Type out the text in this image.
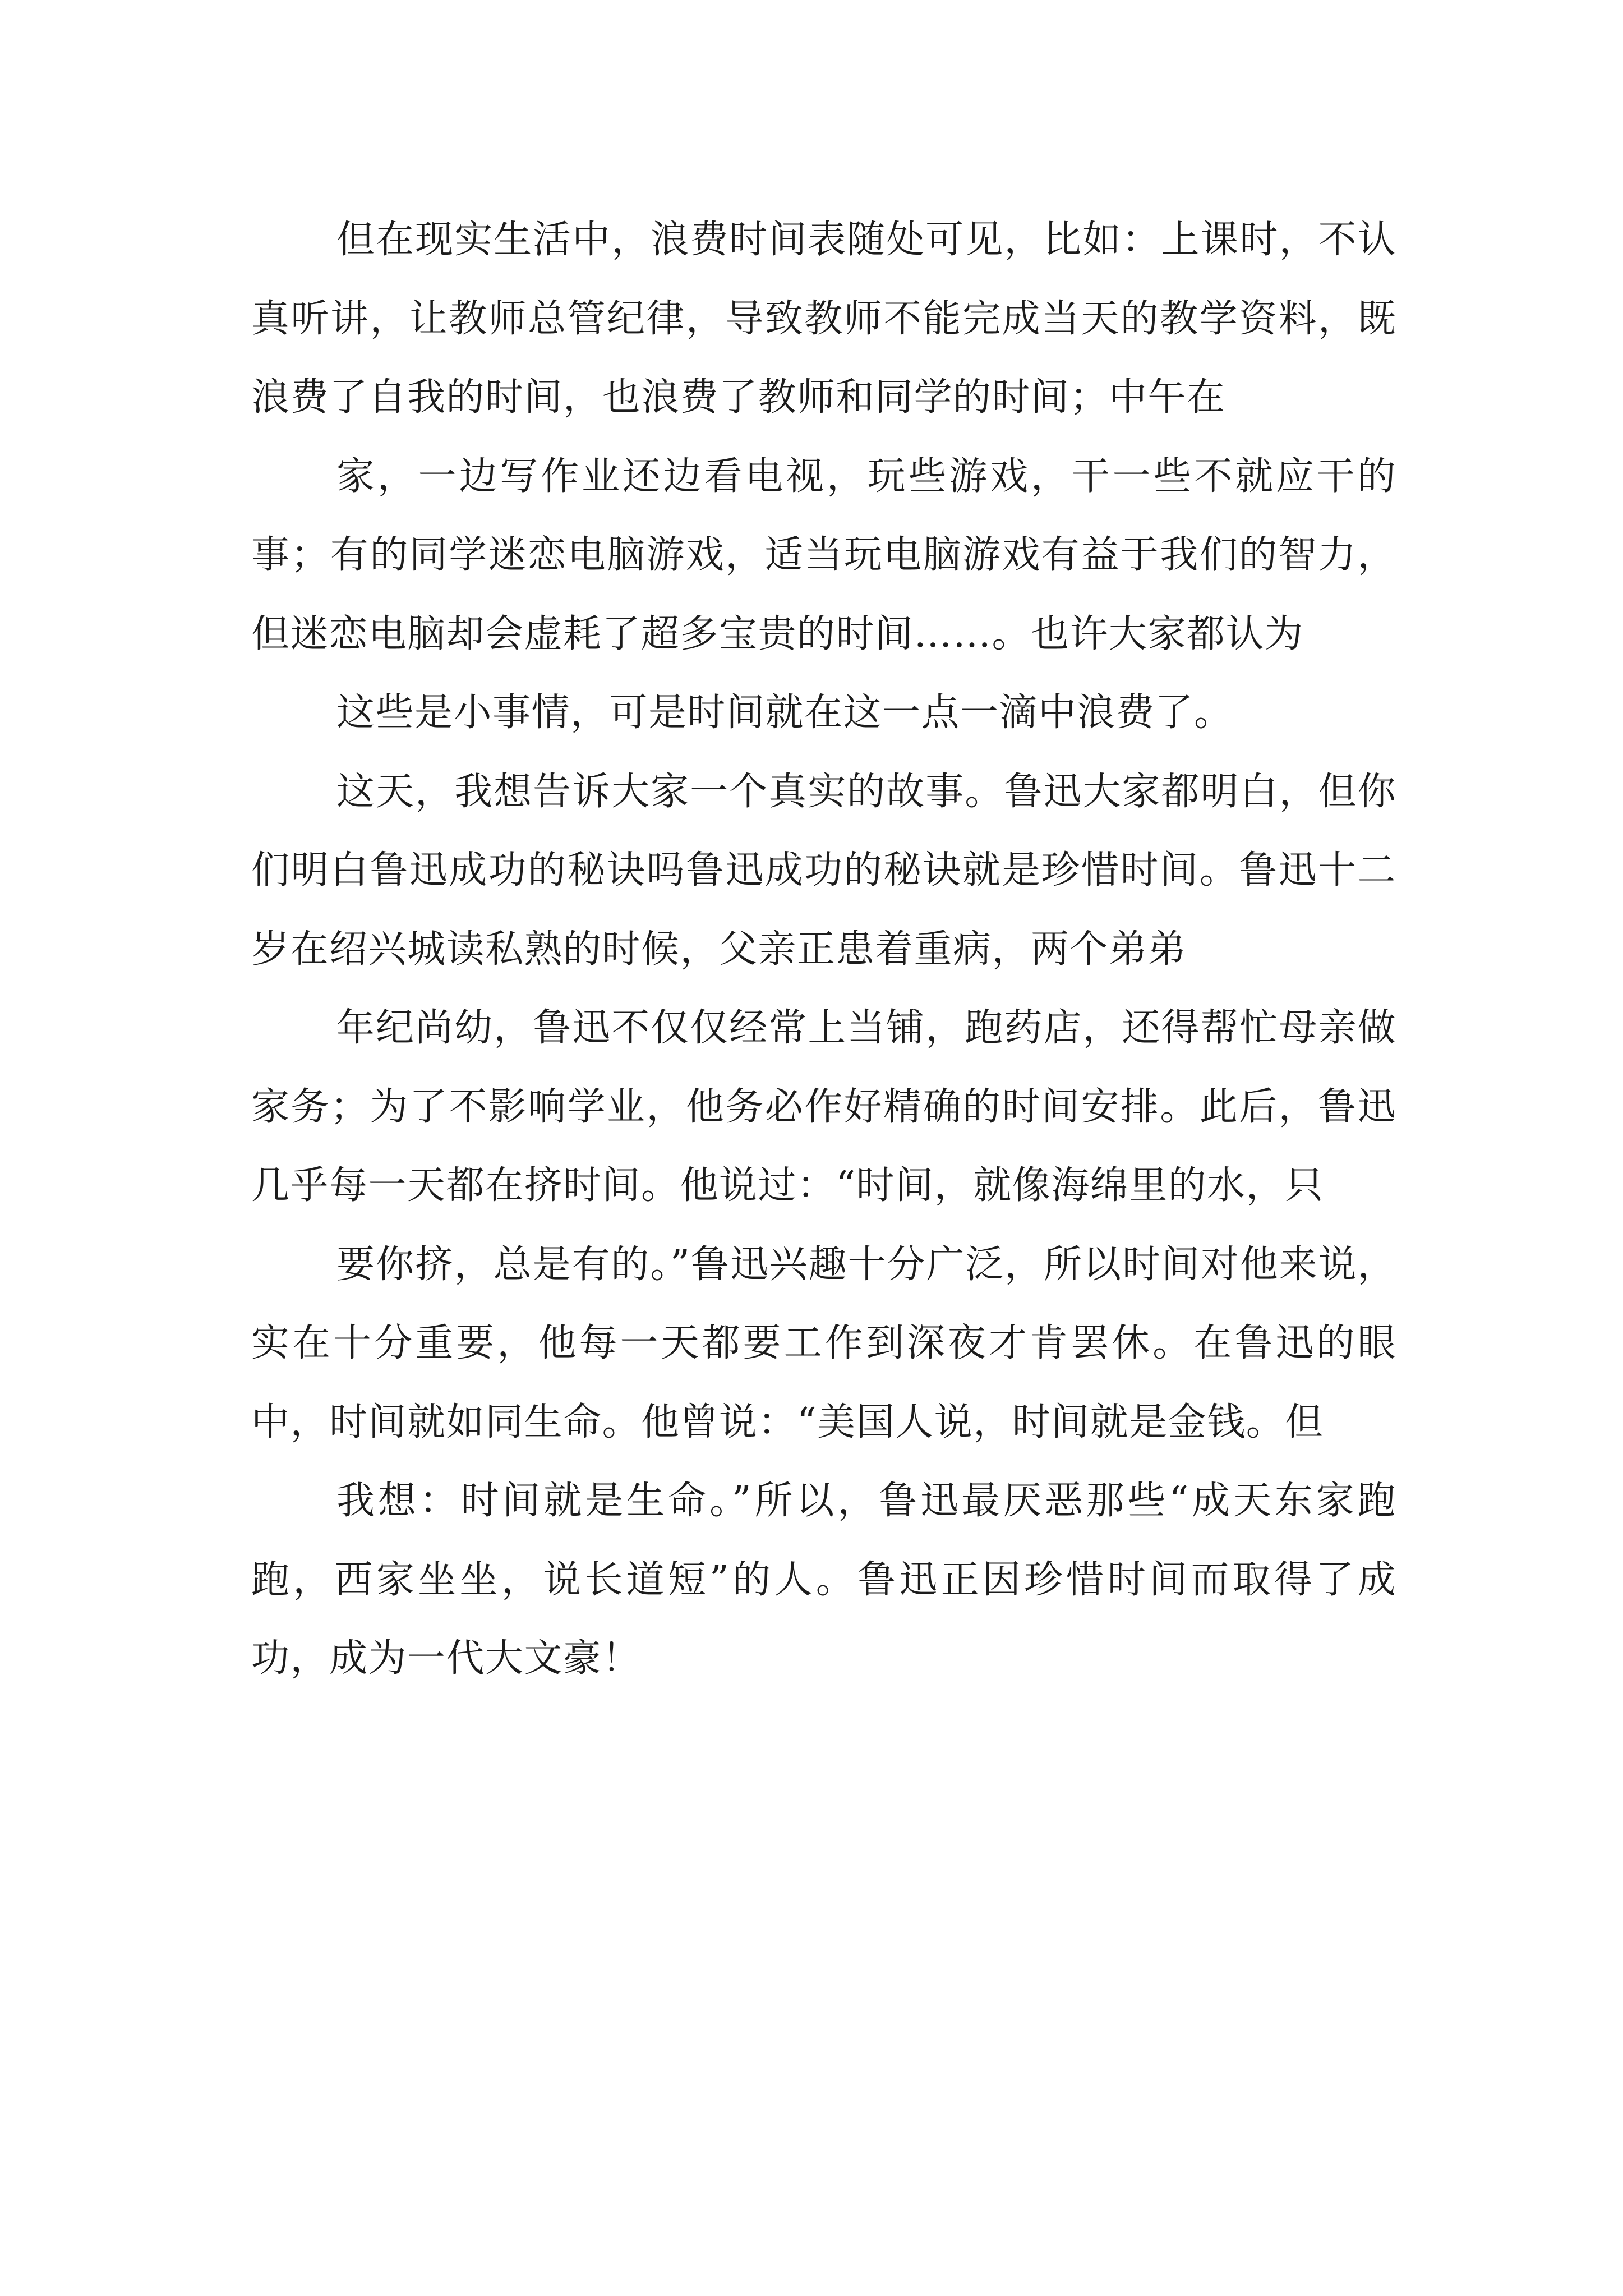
但在现实生活中，浪费时间表随处可见，比如：上课时，不认真听讲，让教师总管纪律，导致教师不能完成当天的教学资料，既浪费了自我的时间，也浪费了教师和同学的时间；中午在

家，一边写作业还边看电视，玩些游戏，干一些不就应干的事；有的同学迷恋电脑游戏，适当玩电脑游戏有益于我们的智力，但迷恋电脑却会虚耗了超多宝贵的时间……。也许大家都认为

这些是小事情，可是时间就在这一点一滴中浪费了。

这天，我想告诉大家一个真实的故事。鲁迅大家都明白，但你们明白鲁迅成功的秘诀吗鲁迅成功的秘诀就是珍惜时间。鲁迅十二岁在绍兴城读私熟的时候，父亲正患着重病，两个弟弟

年纪尚幼，鲁迅不仅仅经常上当铺，跑药店，还得帮忙母亲做家务；为了不影响学业，他务必作好精确的时间安排。此后，鲁迅几乎每一天都在挤时间。他说过：“时间，就像海绵里的水，只

要你挤，总是有的。”鲁迅兴趣十分广泛，所以时间对他来说，实在十分重要，他每一天都要工作到深夜才肯罢休。在鲁迅的眼中，时间就如同生命。他曾说：“美国人说，时间就是金钱。但

我想：时间就是生命。”所以，鲁迅最厌恶那些“成天东家跑跑，西家坐坐，说长道短”的人。鲁迅正因珍惜时间而取得了成功，成为一代大文豪！
